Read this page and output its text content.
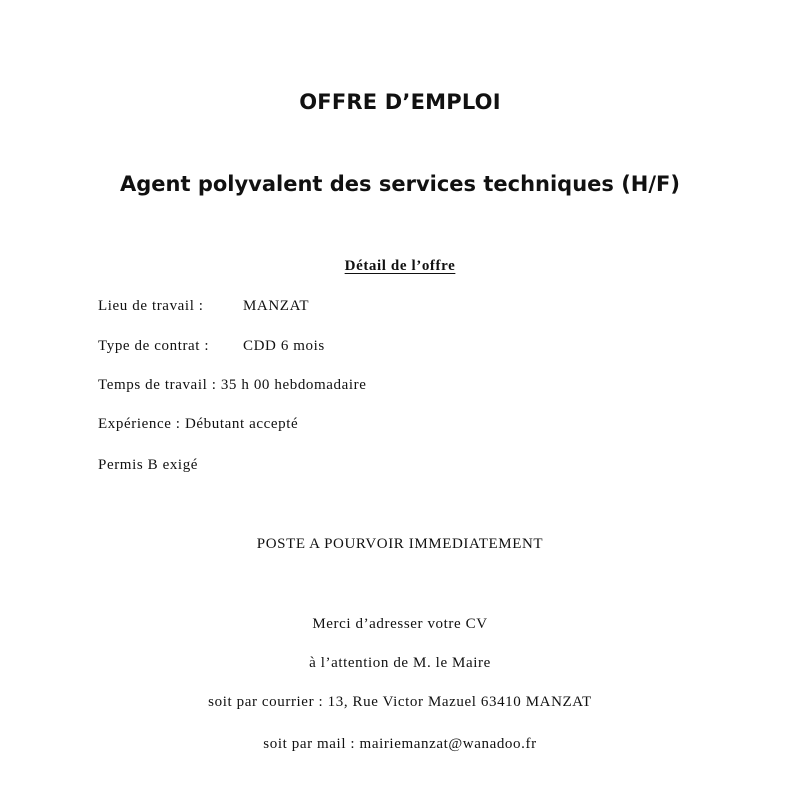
OFFRE D’EMPLOI
Agent polyvalent des services techniques (H/F)
Détail de l’offre
Lieu de travail :	MANZAT
Type de contrat : CDD 6 mois
Temps de travail : 35 h 00 hebdomadaire
Expérience : Débutant accepté
Permis B exigé
POSTE A POURVOIR IMMEDIATEMENT
Merci d’adresser votre CV
à l’attention de M. le Maire
soit par courrier : 13, Rue Victor Mazuel 63410 MANZAT
soit par mail : mairiemanzat@wanadoo.fr
